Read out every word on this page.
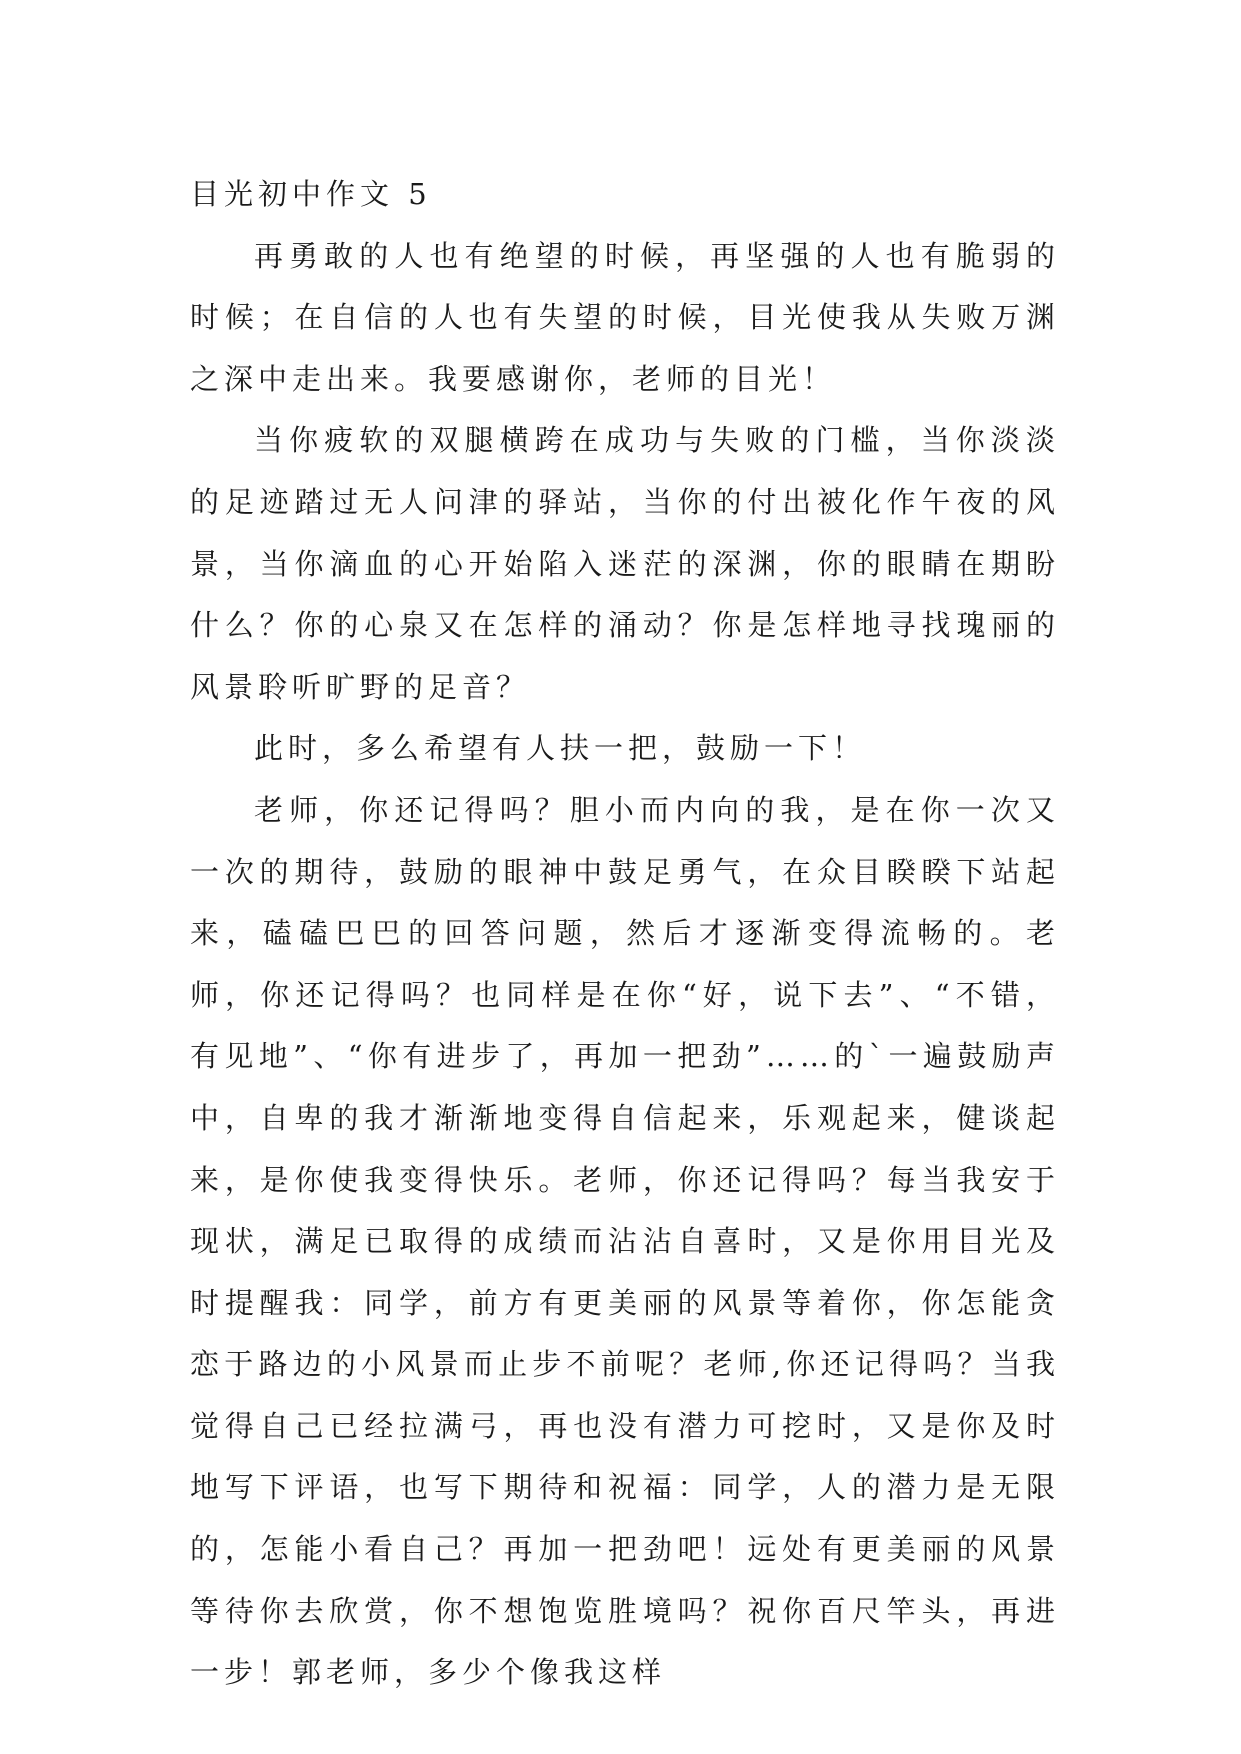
目光初中作文 5

再勇敢的人也有绝望的时候，再坚强的人也有脆弱的时候；在自信的人也有失望的时候，目光使我从失败万渊之深中走出来。我要感谢你，老师的目光！

当你疲软的双腿横跨在成功与失败的门槛，当你淡淡的足迹踏过无人问津的驿站，当你的付出被化作午夜的风景，当你滴血的心开始陷入迷茫的深渊，你的眼睛在期盼什么？你的心泉又在怎样的涌动？你是怎样地寻找瑰丽的风景聆听旷野的足音？

此时，多么希望有人扶一把，鼓励一下！

老师，你还记得吗？胆小而内向的我，是在你一次又一次的期待，鼓励的眼神中鼓足勇气，在众目睽睽下站起来，磕磕巴巴的回答问题，然后才逐渐变得流畅的。老师，你还记得吗？也同样是在你“好，说下去”、“不错，有见地”、“你有进步了，再加一把劲”……的`一遍鼓励声中，自卑的我才渐渐地变得自信起来，乐观起来，健谈起来，是你使我变得快乐。老师，你还记得吗？每当我安于现状，满足已取得的成绩而沾沾自喜时，又是你用目光及时提醒我：同学，前方有更美丽的风景等着你，你怎能贪恋于路边的小风景而止步不前呢？老师,你还记得吗？当我觉得自己已经拉满弓，再也没有潜力可挖时，又是你及时地写下评语，也写下期待和祝福：同学，人的潜力是无限的，怎能小看自己？再加一把劲吧！远处有更美丽的风景等待你去欣赏，你不想饱览胜境吗？祝你百尺竿头，再进一步！郭老师，多少个像我这样
